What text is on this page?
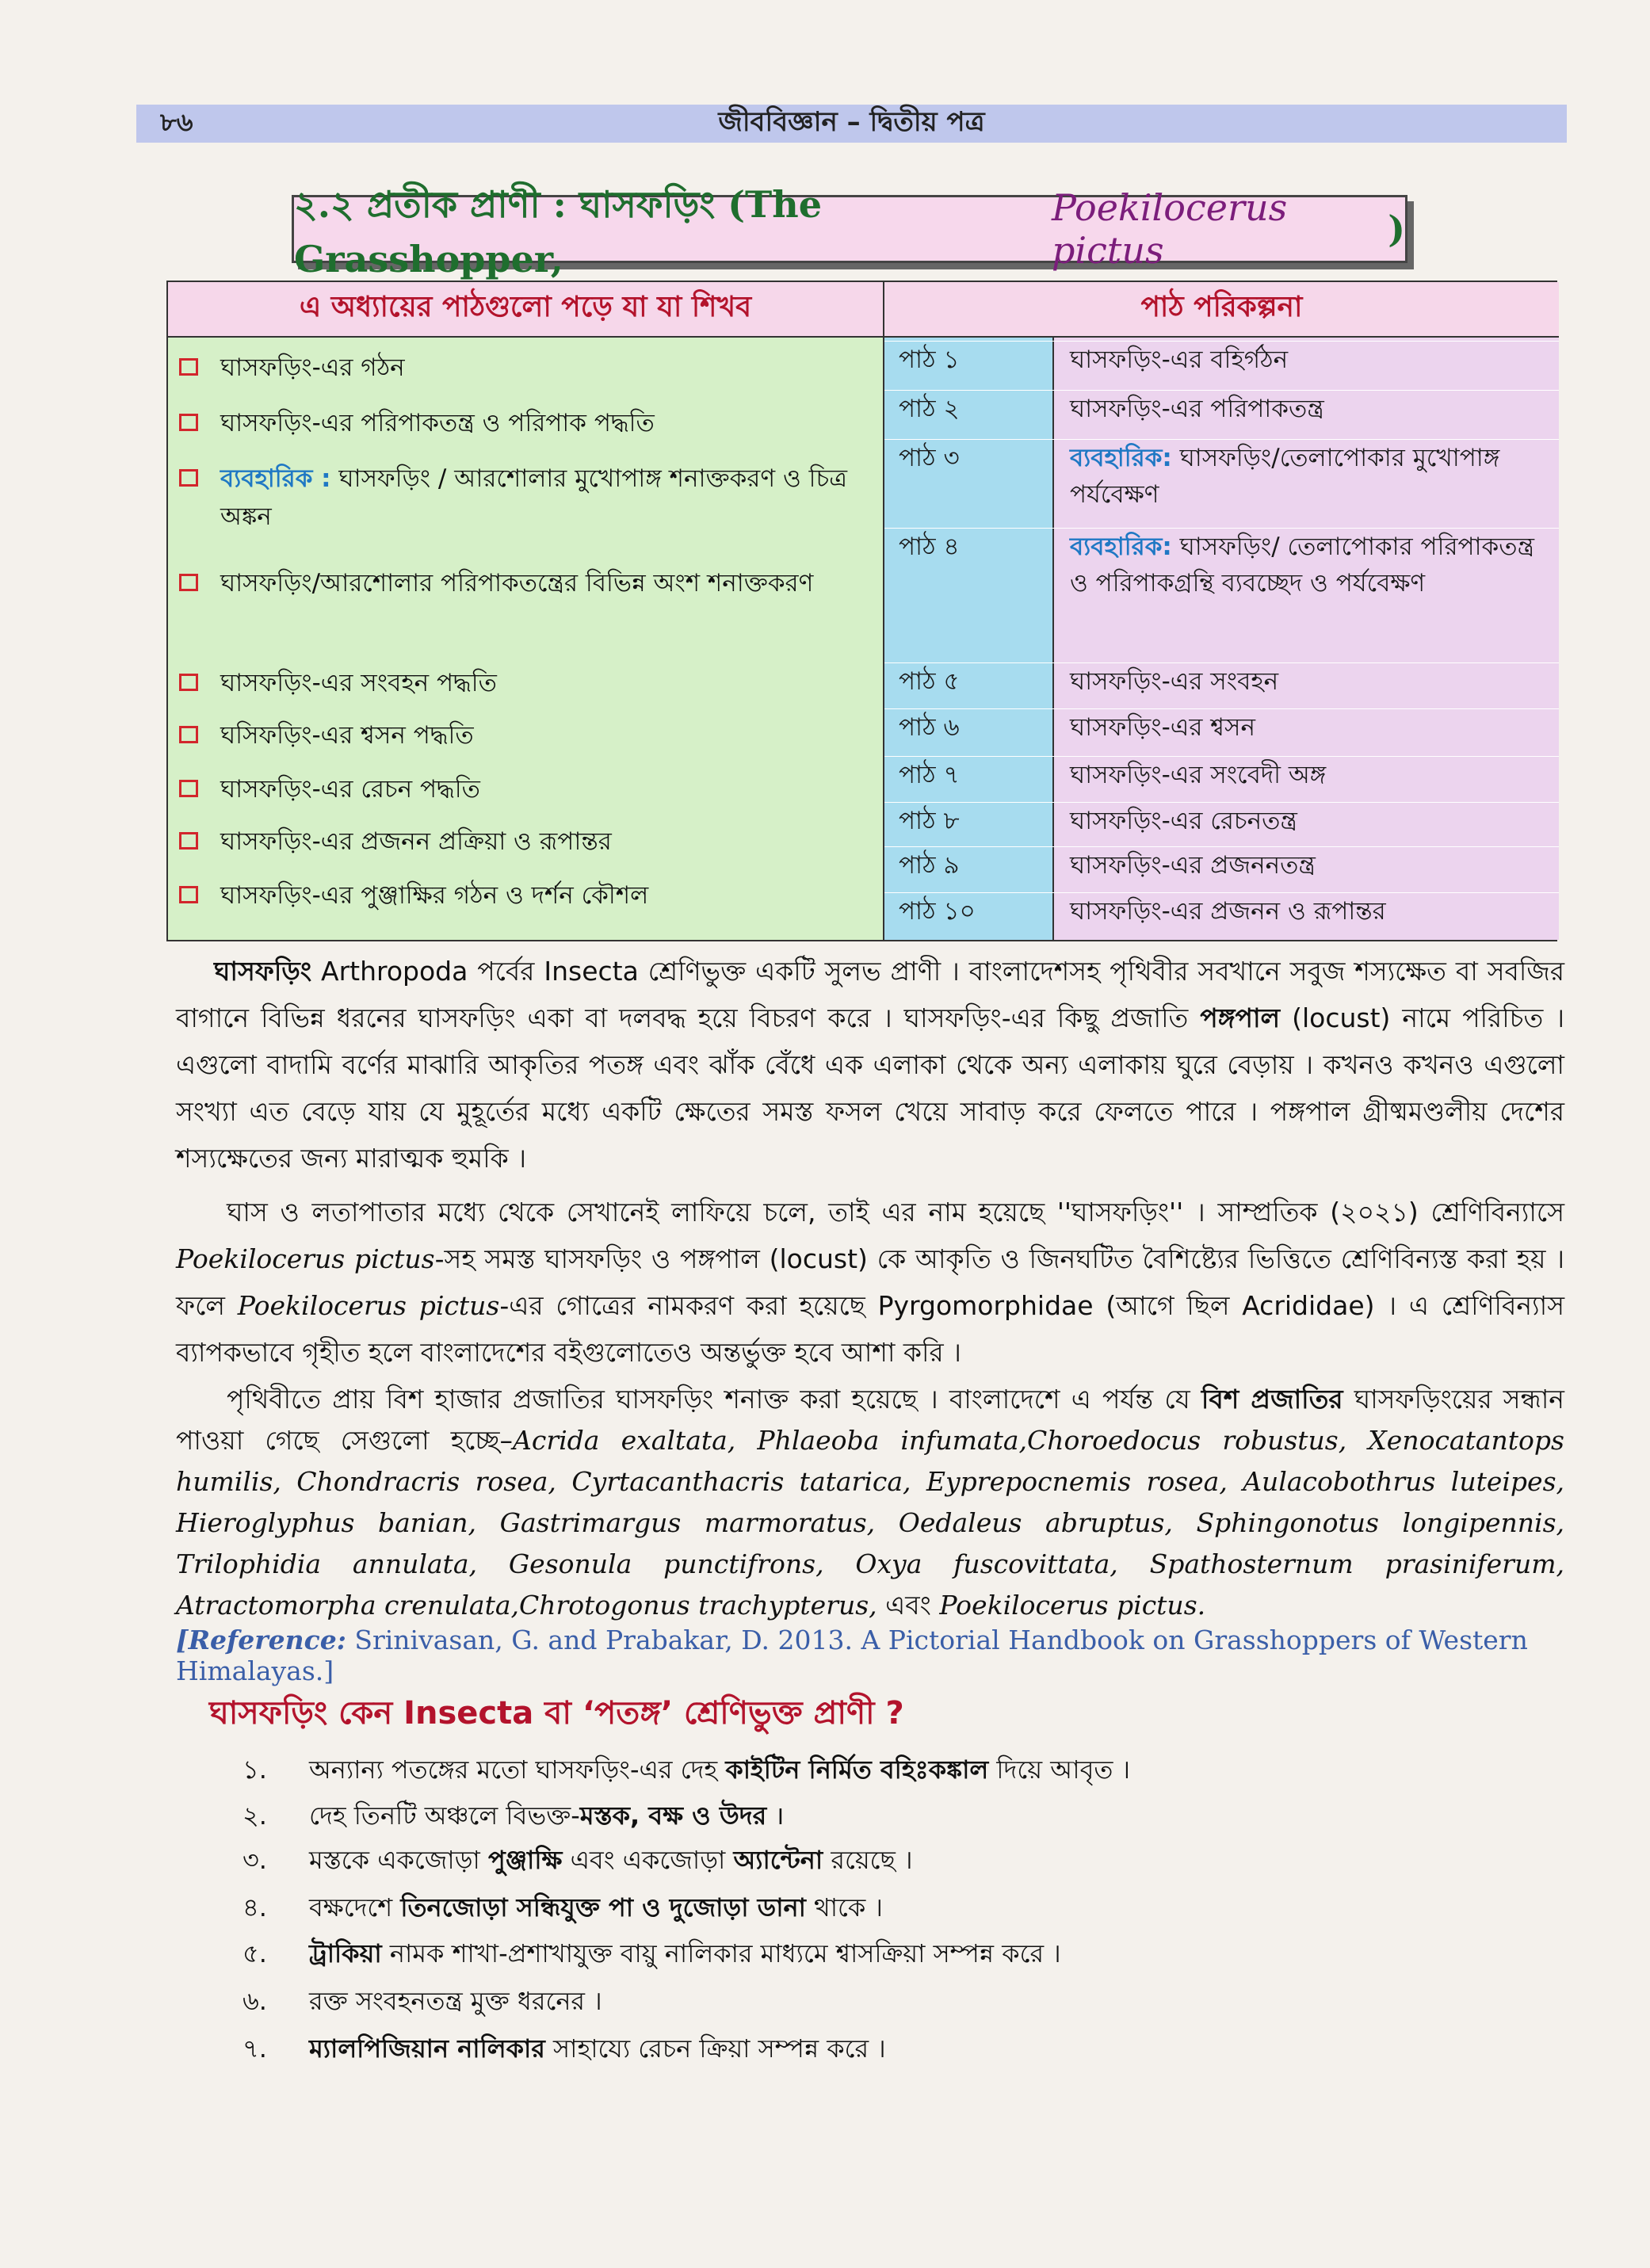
৮৬	জীববিজ্ঞান – দ্বিতীয় পত্র
২.২ প্রতীক প্রাণী : ঘাসফড়িং (The Grasshopper,
Poekilocerus pictus	)
এ অধ্যায়ের পাঠগুলো পড়ে যা যা শিখব
ঘাসফড়িং-এর গঠন
ঘাসফড়িং-এর পরিপাকতন্ত্র ও পরিপাক পদ্ধতি
ব্যবহারিক : ঘাসফড়িং / আরশোলার মুখোপাঙ্গ শনাক্তকরণ ও চিত্র অঙ্কন
ঘাসফড়িং/আরশোলার পরিপাকতন্ত্রের বিভিন্ন অংশ শনাক্তকরণ
ঘাসফড়িং-এর সংবহন পদ্ধতি
ঘসিফড়িং-এর শ্বসন পদ্ধতি
ঘাসফড়িং-এর রেচন পদ্ধতি
ঘাসফড়িং-এর প্রজনন প্রক্রিয়া ও রূপান্তর
ঘাসফড়িং-এর পুঞ্জাক্ষির গঠন ও দর্শন কৌশল
পাঠ পরিকল্পনা
পাঠ ১	ঘাসফড়িং-এর বহির্গঠন
পাঠ ২	ঘাসফড়িং-এর পরিপাকতন্ত্র
পাঠ ৩	ব্যবহারিক: ঘাসফড়িং/তেলাপোকার মুখোপাঙ্গ পর্যবেক্ষণ
পাঠ ৪	ব্যবহারিক: ঘাসফড়িং/ তেলাপোকার পরিপাকতন্ত্র ও পরিপাকগ্রন্থি ব্যবচ্ছেদ ও পর্যবেক্ষণ
পাঠ ৫	ঘাসফড়িং-এর সংবহন
পাঠ ৬	ঘাসফড়িং-এর শ্বসন
পাঠ ৭	ঘাসফড়িং-এর সংবেদী অঙ্গ
পাঠ ৮	ঘাসফড়িং-এর রেচনতন্ত্র
পাঠ ৯	ঘাসফড়িং-এর প্রজননতন্ত্র
পাঠ ১০	ঘাসফড়িং-এর প্রজনন ও রূপান্তর
ঘাসফড়িং Arthropoda পর্বের Insecta শ্রেণিভুক্ত একটি সুলভ প্রাণী । বাংলাদেশসহ পৃথিবীর সবখানে সবুজ শস্যক্ষেত বা সবজির বাগানে বিভিন্ন ধরনের ঘাসফড়িং একা বা দলবদ্ধ হয়ে বিচরণ করে । ঘাসফড়িং-এর কিছু প্রজাতি পঙ্গপাল (locust) নামে পরিচিত । এগুলো বাদামি বর্ণের মাঝারি আকৃতির পতঙ্গ এবং ঝাঁক বেঁধে এক এলাকা থেকে অন্য এলাকায় ঘুরে বেড়ায় । কখনও কখনও এগুলো সংখ্যা এত বেড়ে যায় যে মুহূর্তের মধ্যে একটি ক্ষেতের সমস্ত ফসল খেয়ে সাবাড় করে ফেলতে পারে । পঙ্গপাল গ্রীষ্মমণ্ডলীয় দেশের শস্যক্ষেতের জন্য মারাত্মক হুমকি ।
ঘাস ও লতাপাতার মধ্যে থেকে সেখানেই লাফিয়ে চলে, তাই এর নাম হয়েছে ''ঘাসফড়িং'' । সাম্প্রতিক (২০২১) শ্রেণিবিন্যাসে Poekilocerus pictus-সহ সমস্ত ঘাসফড়িং ও পঙ্গপাল (locust) কে আকৃতি ও জিনঘটিত বৈশিষ্ট্যের ভিত্তিতে শ্রেণিবিন্যস্ত করা হয় । ফলে Poekilocerus pictus-এর গোত্রের নামকরণ করা হয়েছে Pyrgomorphidae (আগে ছিল Acrididae) । এ শ্রেণিবিন্যাস ব্যাপকভাবে গৃহীত হলে বাংলাদেশের বইগুলোতেও অন্তর্ভুক্ত হবে আশা করি ।
পৃথিবীতে প্রায় বিশ হাজার প্রজাতির ঘাসফড়িং শনাক্ত করা হয়েছে । বাংলাদেশে এ পর্যন্ত যে বিশ প্রজাতির ঘাসফড়িংয়ের সন্ধান পাওয়া গেছে সেগুলো হচ্ছে–Acrida exaltata, Phlaeoba infumata,Choroedocus robustus, Xenocatantops humilis, Chondracris rosea, Cyrtacanthacris tatarica, Eyprepocnemis rosea, Aulacobothrus luteipes, Hieroglyphus banian, Gastrimargus marmoratus, Oedaleus abruptus, Sphingonotus longipennis, Trilophidia annulata, Gesonula punctifrons, Oxya fuscovittata, Spathosternum prasiniferum, Atractomorpha crenulata,Chrotogonus trachypterus, এবং Poekilocerus pictus.
[Reference: Srinivasan, G. and Prabakar, D. 2013. A Pictorial Handbook on Grasshoppers of Western Himalayas.]
ঘাসফড়িং কেন Insecta বা ‘পতঙ্গ’ শ্রেণিভুক্ত প্রাণী ?
১.	অন্যান্য পতঙ্গের মতো ঘাসফড়িং-এর দেহ কাইটিন নির্মিত বহিঃকঙ্কাল দিয়ে আবৃত ।
২.	দেহ তিনটি অঞ্চলে বিভক্ত-মস্তক, বক্ষ ও উদর ।
৩.	মস্তকে একজোড়া পুঞ্জাক্ষি এবং একজোড়া অ্যান্টেনা রয়েছে ।
৪.	বক্ষদেশে তিনজোড়া সন্ধিযুক্ত পা ও দুজোড়া ডানা থাকে ।
৫.	ট্রাকিয়া নামক শাখা-প্রশাখাযুক্ত বায়ু নালিকার মাধ্যমে শ্বাসক্রিয়া সম্পন্ন করে ।
৬.	রক্ত সংবহনতন্ত্র মুক্ত ধরনের ।
৭.	ম্যালপিজিয়ান নালিকার সাহায্যে রেচন ক্রিয়া সম্পন্ন করে ।
